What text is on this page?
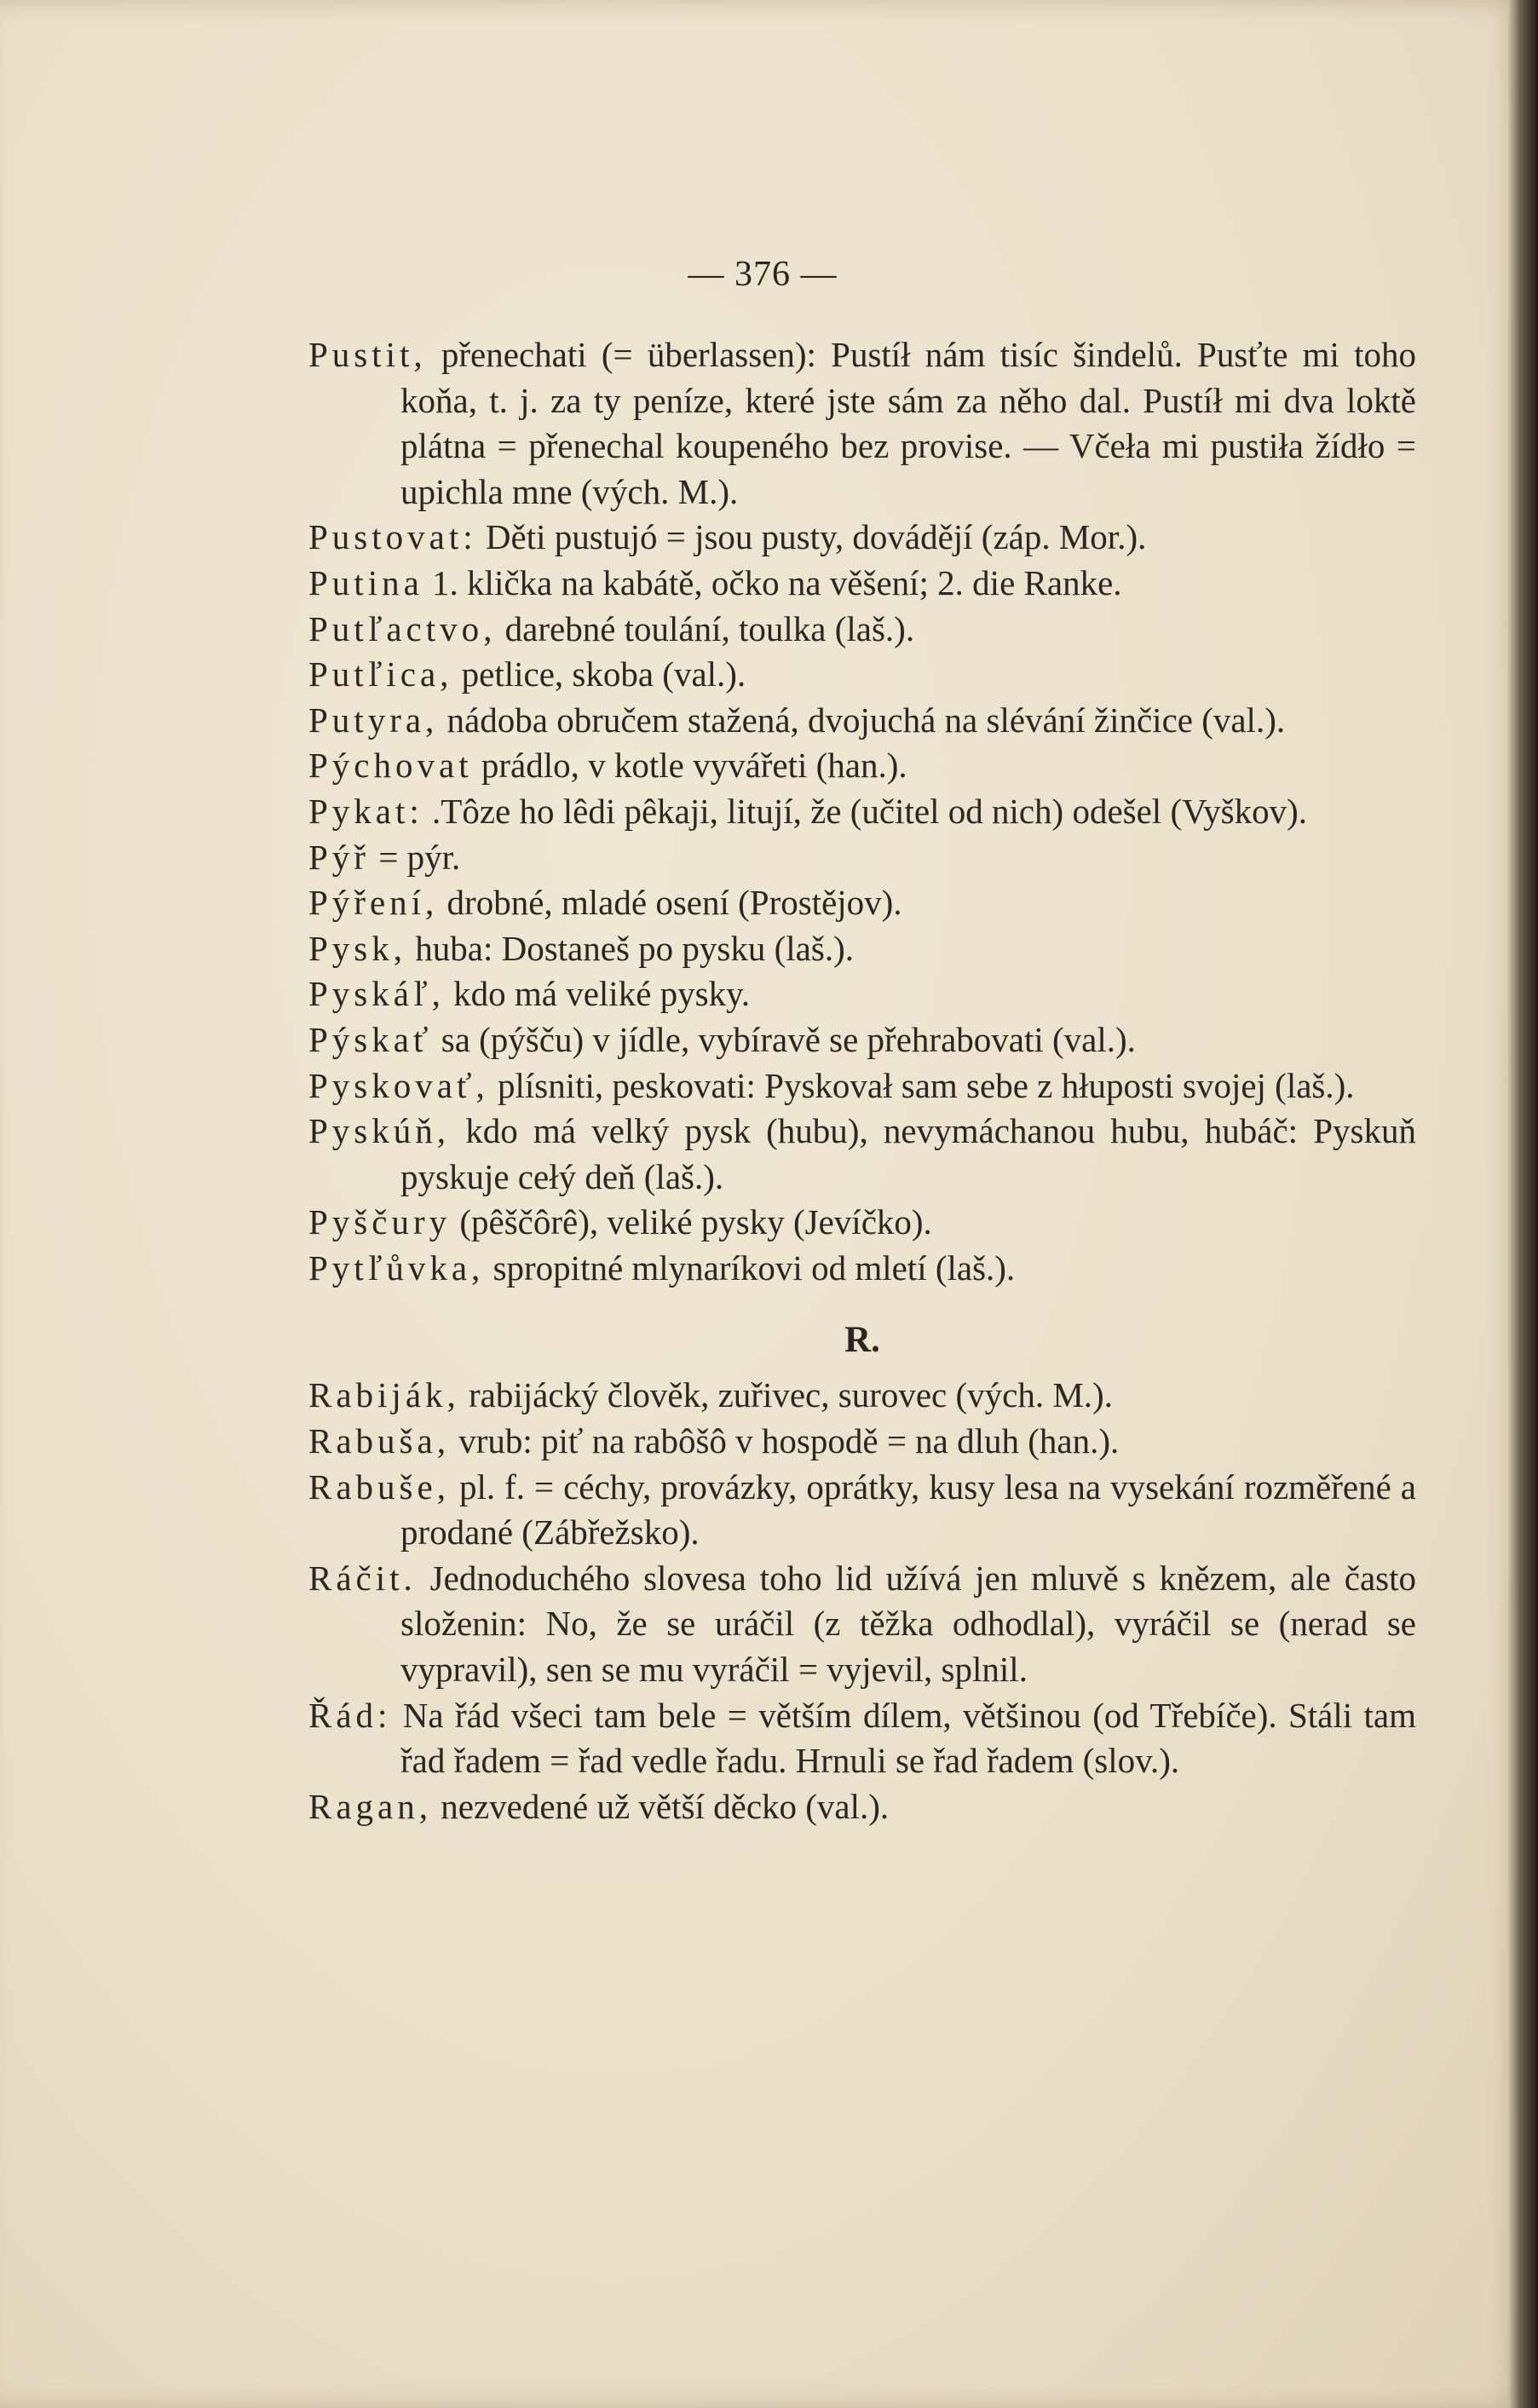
— 376 —

Pustit, přenechati (= überlassen): Pustíł nám tisíc šindelů. Pusťte mi toho koňa, t. j. za ty peníze, které jste sám za něho dal. Pustíł mi dva loktě plátna = přenechal koupeného bez provise. — Včeła mi pustiła žídło = upichla mne (vých. M.).

Pustovat: Děti pustujó = jsou pusty, dovádějí (záp. Mor.).

Putina 1. klička na kabátě, očko na věšení; 2. die Ranke.

Putľactvo, darebné toulání, toulka (laš.).

Putľica, petlice, skoba (val.).

Putyra, nádoba obručem stažená, dvojuchá na slévání žinčice (val.).

Pýchovat prádlo, v kotle vyvářeti (han.).

Pykat: .Tôze ho lêdi pêkaji, litují, že (učitel od nich) odešel (Vyškov).

Pýř = pýr.

Pýření, drobné, mladé osení (Prostějov).

Pysk, huba: Dostaneš po pysku (laš.).

Pyskáľ, kdo má veliké pysky.

Pýskať sa (pýšču) v jídle, vybíravě se přehrabovati (val.).

Pyskovať, plísniti, peskovati: Pyskovał sam sebe z hłuposti svojej (laš.).

Pyskúň, kdo má velký pysk (hubu), nevymáchanou hubu, hubáč: Pyskuň pyskuje cełý deň (laš.).

Pyščury (pêščôrê), veliké pysky (Jevíčko).

Pytľůvka, spropitné mlynaríkovi od mletí (laš.).

R.

Rabiják, rabijácký člověk, zuřivec, surovec (vých. M.).

Rabuša, vrub: piť na rabôšô v hospodě = na dluh (han.).

Rabuše, pl. f. = céchy, provázky, oprátky, kusy lesa na vysekání rozměřené a prodané (Zábřežsko).

Ráčit. Jednoduchého slovesa toho lid užívá jen mluvě s knězem, ale často složenin: No, že se uráčil (z těžka odhodlal), vyráčil se (nerad se vypravil), sen se mu vyráčil = vyjevil, splnil.

Řád: Na řád všeci tam bele = větším dílem, většinou (od Třebíče). Stáli tam řad řadem = řad vedle řadu. Hrnuli se řad řadem (slov.).

Ragan, nezvedené už větší děcko (val.).
